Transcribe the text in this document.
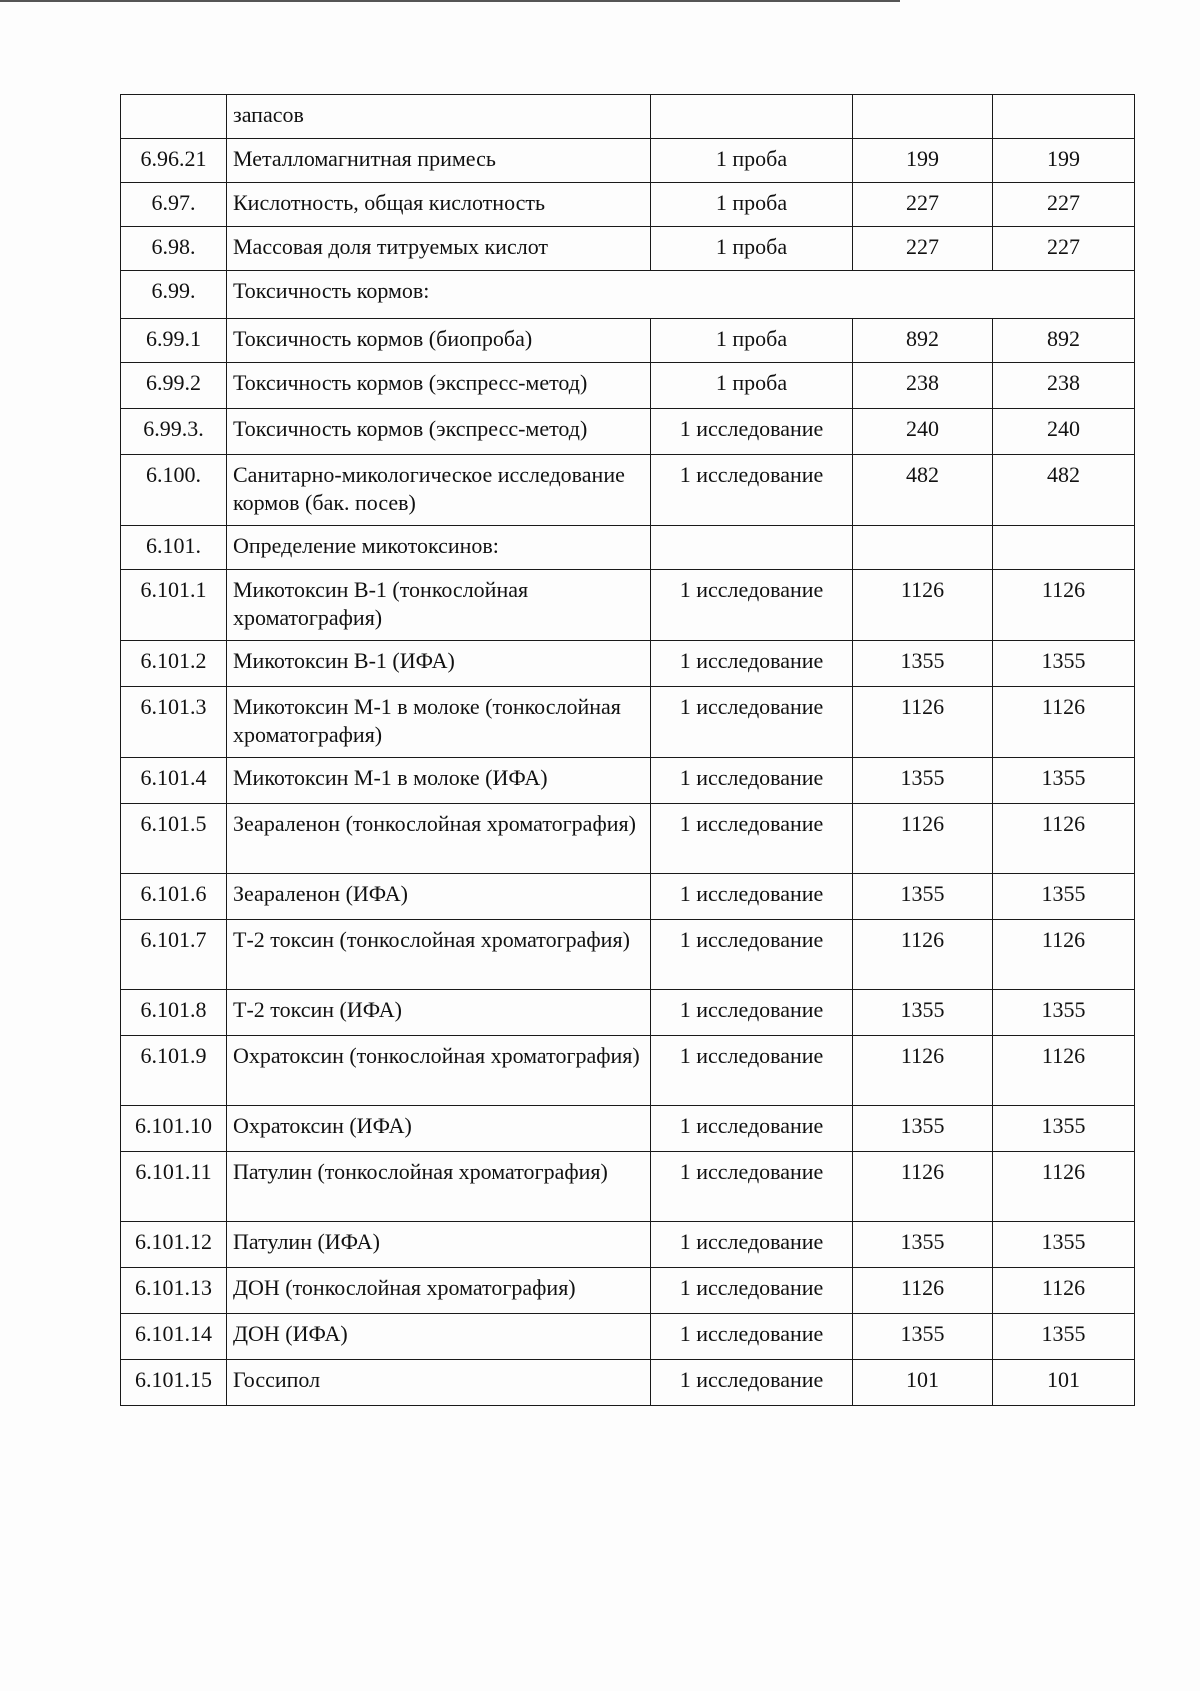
	запасов			
6.96.21	Металломагнитная примесь	1 проба	199	199
6.97.	Кислотность, общая кислотность	1 проба	227	227
6.98.	Массовая доля титруемых кислот	1 проба	227	227
6.99.	Токсичность кормов:			
6.99.1	Токсичность кормов (биопроба)	1 проба	892	892
6.99.2	Токсичность кормов (экспресс-метод)	1 проба	238	238
6.99.3.	Токсичность кормов (экспресс-метод)	1 исследование	240	240
6.100.	Санитарно-микологическое исследование кормов (бак. посев)	1 исследование	482	482
6.101.	Определение микотоксинов:			
6.101.1	Микотоксин В-1 (тонкослойная хроматография)	1 исследование	1126	1126
6.101.2	Микотоксин В-1 (ИФА)	1 исследование	1355	1355
6.101.3	Микотоксин М-1 в молоке (тонкослойная хроматография)	1 исследование	1126	1126
6.101.4	Микотоксин М-1 в молоке (ИФА)	1 исследование	1355	1355
6.101.5	Зеараленон (тонкослойная хроматография)	1 исследование	1126	1126
6.101.6	Зеараленон (ИФА)	1 исследование	1355	1355
6.101.7	Т-2 токсин (тонкослойная хроматография)	1 исследование	1126	1126
6.101.8	Т-2 токсин (ИФА)	1 исследование	1355	1355
6.101.9	Охратоксин (тонкослойная хроматография)	1 исследование	1126	1126
6.101.10	Охратоксин (ИФА)	1 исследование	1355	1355
6.101.11	Патулин (тонкослойная хроматография)	1 исследование	1126	1126
6.101.12	Патулин (ИФА)	1 исследование	1355	1355
6.101.13	ДОН (тонкослойная хроматография)	1 исследование	1126	1126
6.101.14	ДОН (ИФА)	1 исследование	1355	1355
6.101.15	Госсипол	1 исследование	101	101
